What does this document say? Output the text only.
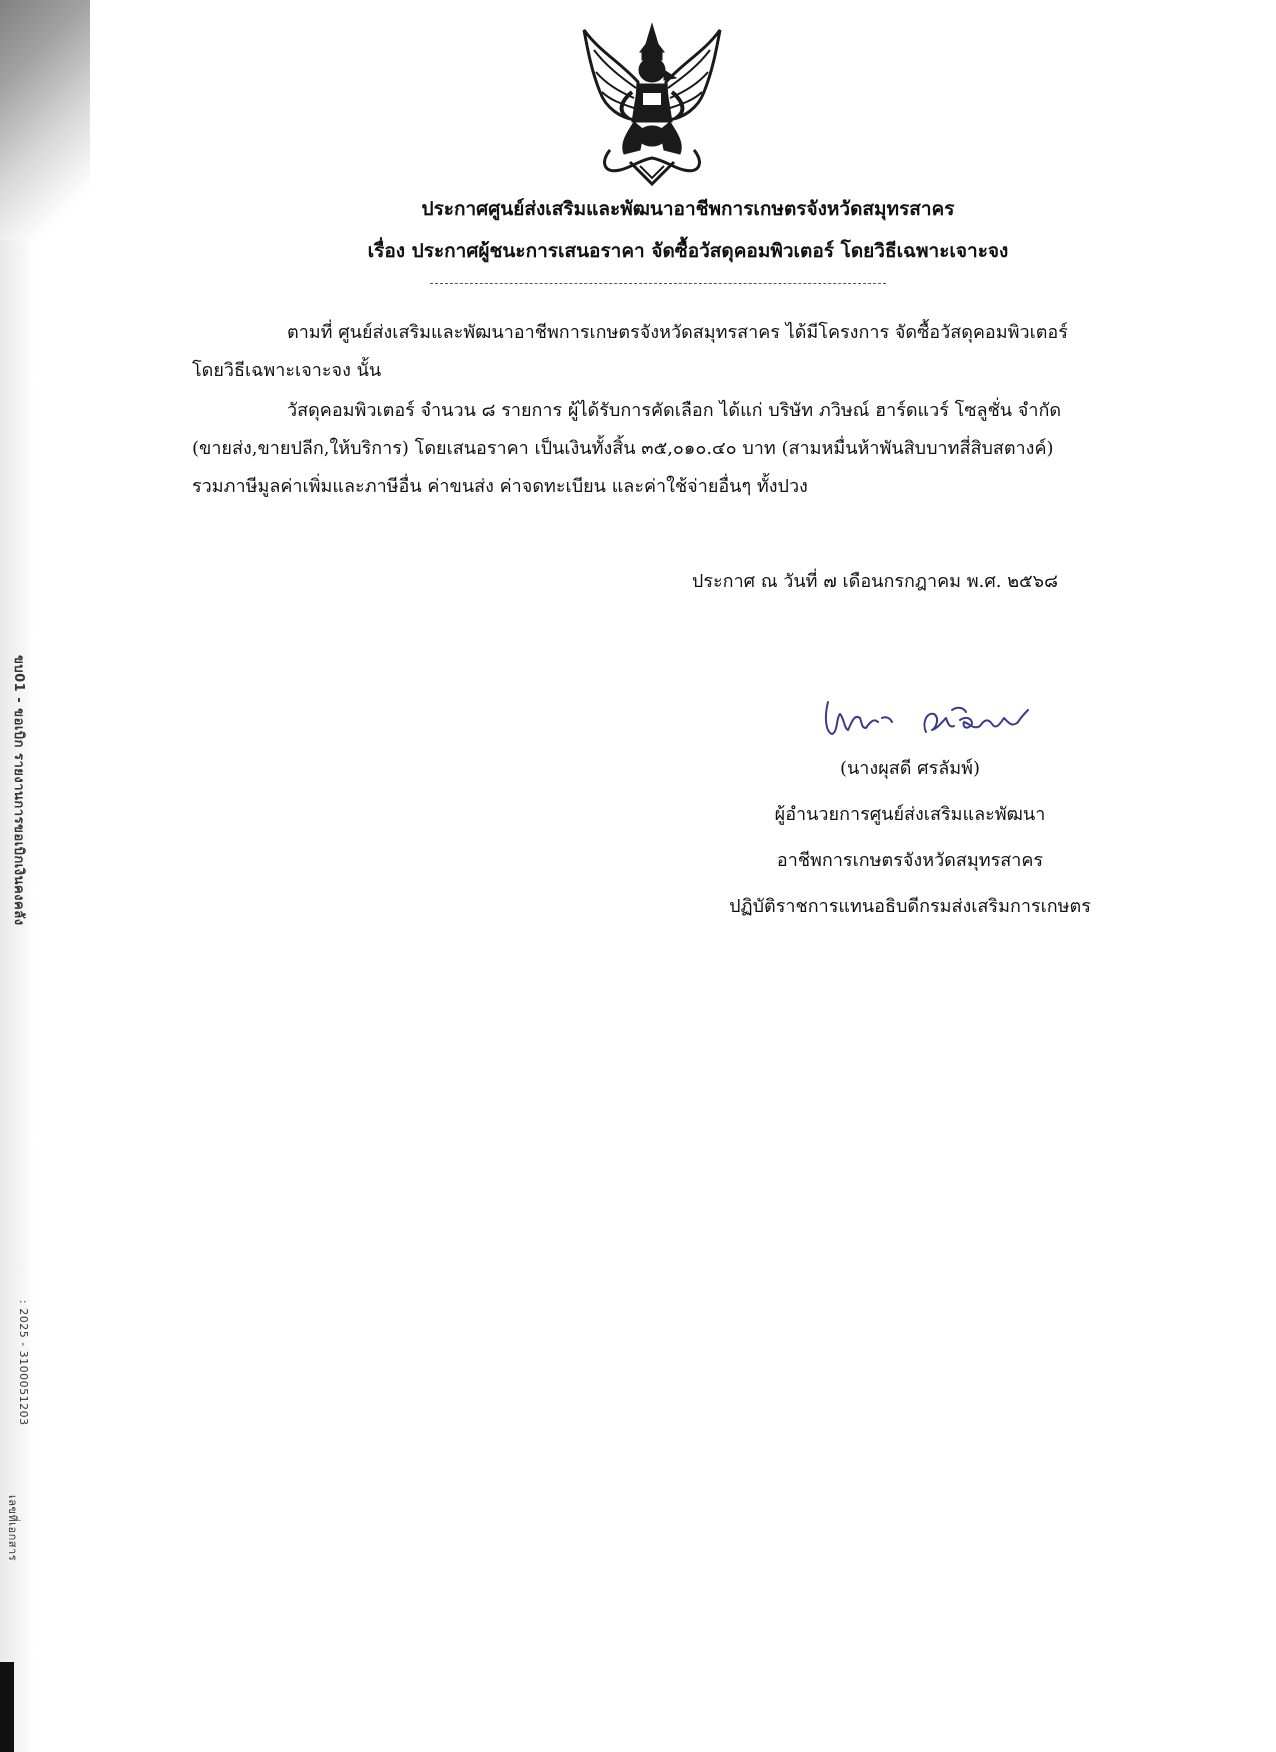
ขบ01 - ขอเบิก รายงานการขอเบิกเงินคงคลัง
: 2025 - 3100051203
เลขที่เอกสาร
ประกาศศูนย์ส่งเสริมและพัฒนาอาชีพการเกษตรจังหวัดสมุทรสาคร
เรื่อง ประกาศผู้ชนะการเสนอราคา จัดซื้อวัสดุคอมพิวเตอร์ โดยวิธีเฉพาะเจาะจง
ตามที่ ศูนย์ส่งเสริมและพัฒนาอาชีพการเกษตรจังหวัดสมุทรสาคร ได้มีโครงการ จัดซื้อวัสดุคอมพิวเตอร์
โดยวิธีเฉพาะเจาะจง นั้น
วัสดุคอมพิวเตอร์ จำนวน ๘ รายการ ผู้ได้รับการคัดเลือก ได้แก่ บริษัท ภวิษณ์ ฮาร์ดแวร์ โซลูชั่น จำกัด
(ขายส่ง,ขายปลีก,ให้บริการ) โดยเสนอราคา เป็นเงินทั้งสิ้น ๓๕,๐๑๐.๔๐ บาท (สามหมื่นห้าพันสิบบาทสี่สิบสตางค์)
รวมภาษีมูลค่าเพิ่มและภาษีอื่น ค่าขนส่ง ค่าจดทะเบียน และค่าใช้จ่ายอื่นๆ ทั้งปวง
ประกาศ ณ วันที่ ๗ เดือนกรกฎาคม พ.ศ. ๒๕๖๘
(นางผุสดี ศรลัมพ์)
ผู้อำนวยการศูนย์ส่งเสริมและพัฒนา
อาชีพการเกษตรจังหวัดสมุทรสาคร
ปฏิบัติราชการแทนอธิบดีกรมส่งเสริมการเกษตร
